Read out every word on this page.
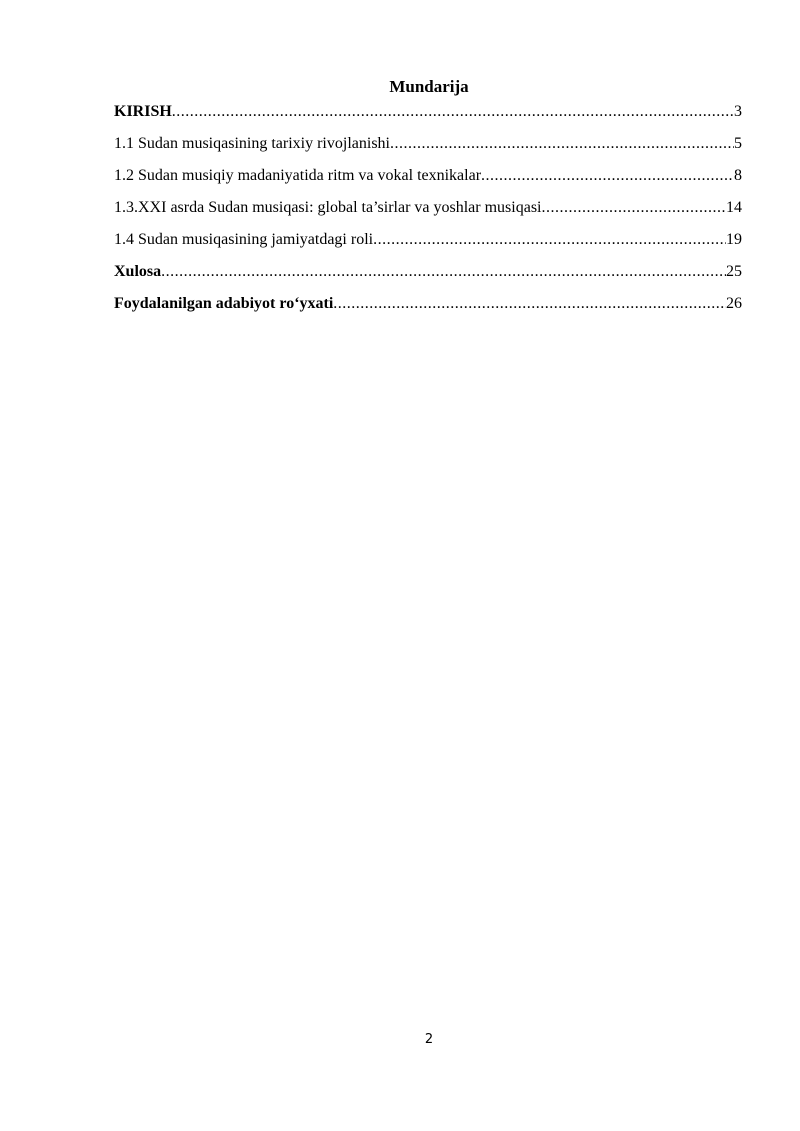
Mundarija
KIRISH .....	3
1.1 Sudan musiqasining tarixiy rivojlanishi .....	5
1.2 Sudan musiqiy madaniyatida ritm va vokal texnikalar .....	8
1.3.XXI asrda Sudan musiqasi: global ta’sirlar va yoshlar musiqasi .....	14
1.4 Sudan musiqasining jamiyatdagi roli .....	19
Xulosa .....	25
Foydalanilgan adabiyot ro‘yxati .....	26
2
